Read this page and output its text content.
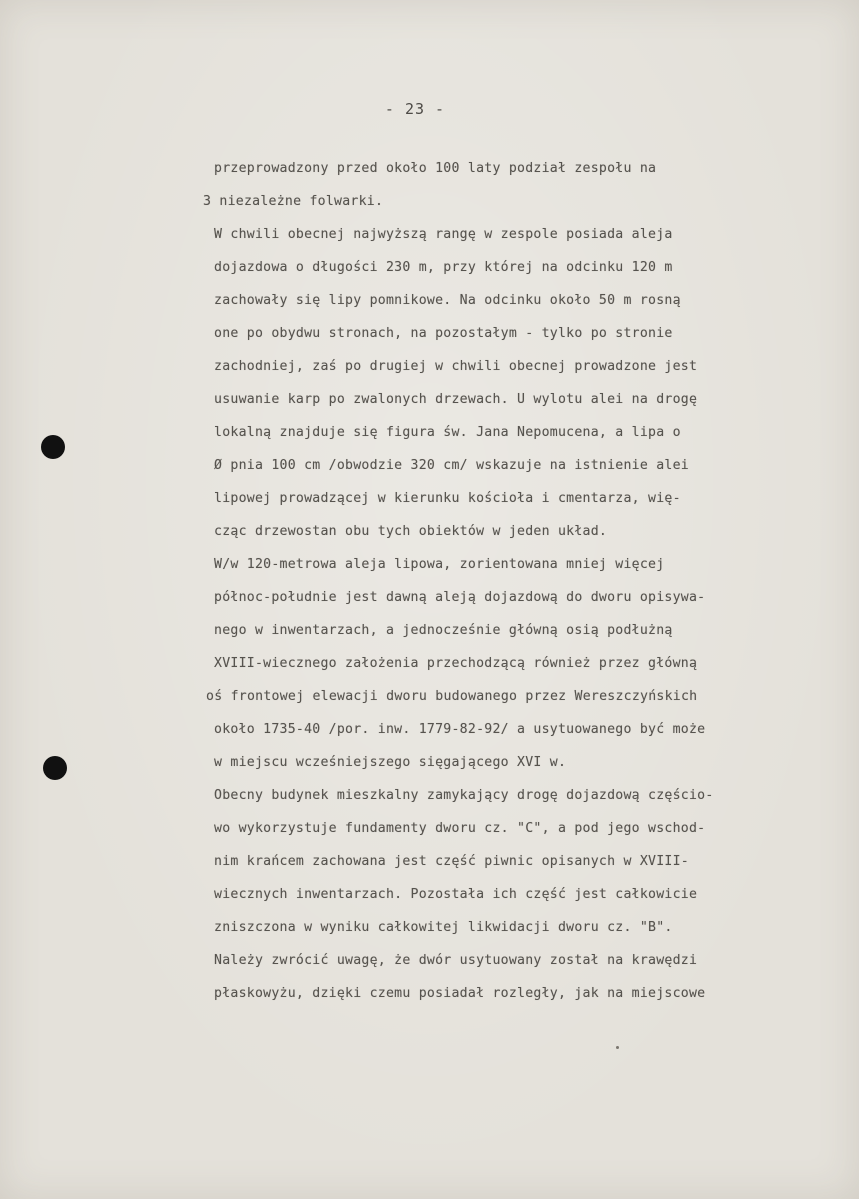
- 23 -
przeprowadzony przed około 100 laty podział zespołu na
3 niezależne folwarki.
W chwili obecnej najwyższą rangę w zespole posiada aleja
dojazdowa o długości 230 m, przy której na odcinku 120 m
zachowały się lipy pomnikowe. Na odcinku około 50 m rosną
one po obydwu stronach, na pozostałym - tylko po stronie
zachodniej, zaś po drugiej w chwili obecnej prowadzone jest
usuwanie karp po zwalonych drzewach. U wylotu alei na drogę
lokalną znajduje się figura św. Jana Nepomucena, a lipa o
Ø pnia 100 cm /obwodzie 320 cm/ wskazuje na istnienie alei
lipowej prowadzącej w kierunku kościoła i cmentarza, wię-
cząc drzewostan obu tych obiektów w jeden układ.
W/w 120-metrowa aleja lipowa, zorientowana mniej więcej
północ-południe jest dawną aleją dojazdową do dworu opisywa-
nego w inwentarzach, a jednocześnie główną osią podłużną
XVIII-wiecznego założenia przechodzącą również przez główną
oś frontowej elewacji dworu budowanego przez Wereszczyńskich
około 1735-40 /por. inw. 1779-82-92/ a usytuowanego być może
w miejscu wcześniejszego sięgającego XVI w.
Obecny budynek mieszkalny zamykający drogę dojazdową częścio-
wo wykorzystuje fundamenty dworu cz. "C", a pod jego wschod-
nim krańcem zachowana jest część piwnic opisanych w XVIII-
wiecznych inwentarzach. Pozostała ich część jest całkowicie
zniszczona w wyniku całkowitej likwidacji dworu cz. "B".
Należy zwrócić uwagę, że dwór usytuowany został na krawędzi
płaskowyżu, dzięki czemu posiadał rozległy, jak na miejscowe
